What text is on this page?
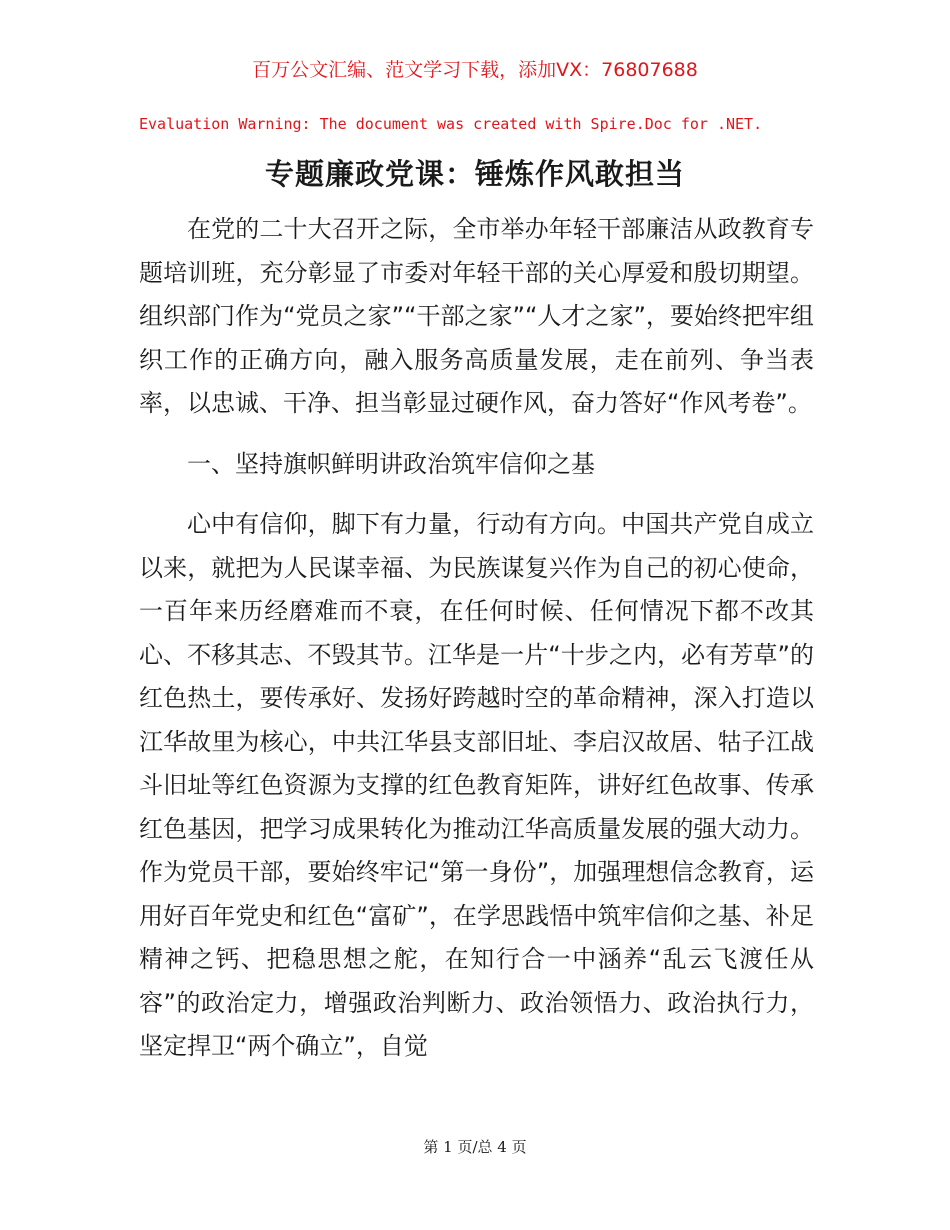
百万公文汇编、范文学习下载，添加VX：76807688
Evaluation Warning: The document was created with Spire.Doc for .NET.
专题廉政党课：锤炼作风敢担当

在党的二十大召开之际，全市举办年轻干部廉洁从政教育专题培训班，充分彰显了市委对年轻干部的关心厚爱和殷切期望。组织部门作为“党员之家”“干部之家”“人才之家”，要始终把牢组织工作的正确方向，融入服务高质量发展，走在前列、争当表率，以忠诚、干净、担当彰显过硬作风，奋力答好“作风考卷”。

一、坚持旗帜鲜明讲政治筑牢信仰之基

心中有信仰，脚下有力量，行动有方向。中国共产党自成立以来，就把为人民谋幸福、为民族谋复兴作为自己的初心使命，一百年来历经磨难而不衰，在任何时候、任何情况下都不改其心、不移其志、不毁其节。江华是一片“十步之内，必有芳草”的红色热土，要传承好、发扬好跨越时空的革命精神，深入打造以江华故里为核心，中共江华县支部旧址、李启汉故居、牯子江战斗旧址等红色资源为支撑的红色教育矩阵，讲好红色故事、传承红色基因，把学习成果转化为推动江华高质量发展的强大动力。作为党员干部，要始终牢记“第一身份”，加强理想信念教育，运用好百年党史和红色“富矿”，在学思践悟中筑牢信仰之基、补足精神之钙、把稳思想之舵，在知行合一中涵养“乱云飞渡任从容”的政治定力，增强政治判断力、政治领悟力、政治执行力，坚定捍卫“两个确立”，自觉

第 1 页/总 4 页
